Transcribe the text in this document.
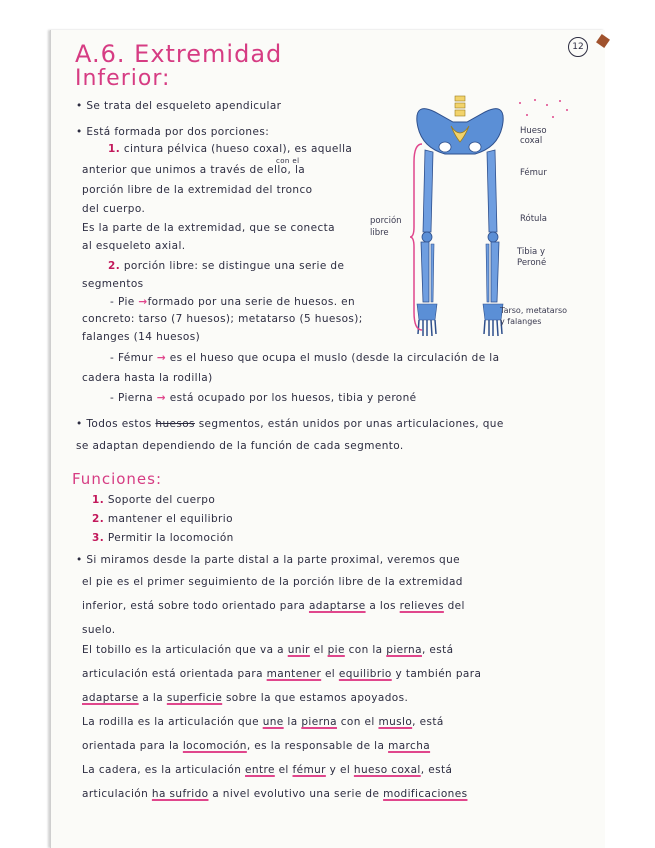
12
A.6. Extremidad
Inferior:
• Se trata del esqueleto apendicular
• Está formada por dos porciones:
1. cintura pélvica (hueso coxal), es aquella
con el
anterior que unimos a través de ello, la
porción libre de la extremidad del tronco
del cuerpo.
Es la parte de la extremidad, que se conecta
al esqueleto axial.
2. porción libre: se distingue una serie de
segmentos
- Pie →formado por una serie de huesos. en
concreto: tarso (7 huesos); metatarso (5 huesos);
falanges (14 huesos)
- Fémur → es el hueso que ocupa el muslo (desde la circulación de la
cadera hasta la rodilla)
- Pierna → está ocupado por los huesos, tibia y peroné
• Todos estos huesos segmentos, están unidos por unas articulaciones, que
se adaptan dependiendo de la función de cada segmento.
porción
libre
Hueso
coxal
Fémur
Rótula
Tibia y
Peroné
Tarso, metatarso
y falanges
Funciones:
1. Soporte del cuerpo
2. mantener el equilibrio
3. Permitir la locomoción
• Si miramos desde la parte distal a la parte proximal, veremos que
el pie es el primer seguimiento de la porción libre de la extremidad
inferior, está sobre todo orientado para adaptarse a los relieves del
suelo.
El tobillo es la articulación que va a unir el pie con la pierna, está
articulación está orientada para mantener el equilibrio y también para
adaptarse a la superficie sobre la que estamos apoyados.
La rodilla es la articulación que une la pierna con el muslo, está
orientada para la locomoción, es la responsable de la marcha
La cadera, es la articulación entre el fémur y el hueso coxal, está
articulación ha sufrido a nivel evolutivo una serie de modificaciones
